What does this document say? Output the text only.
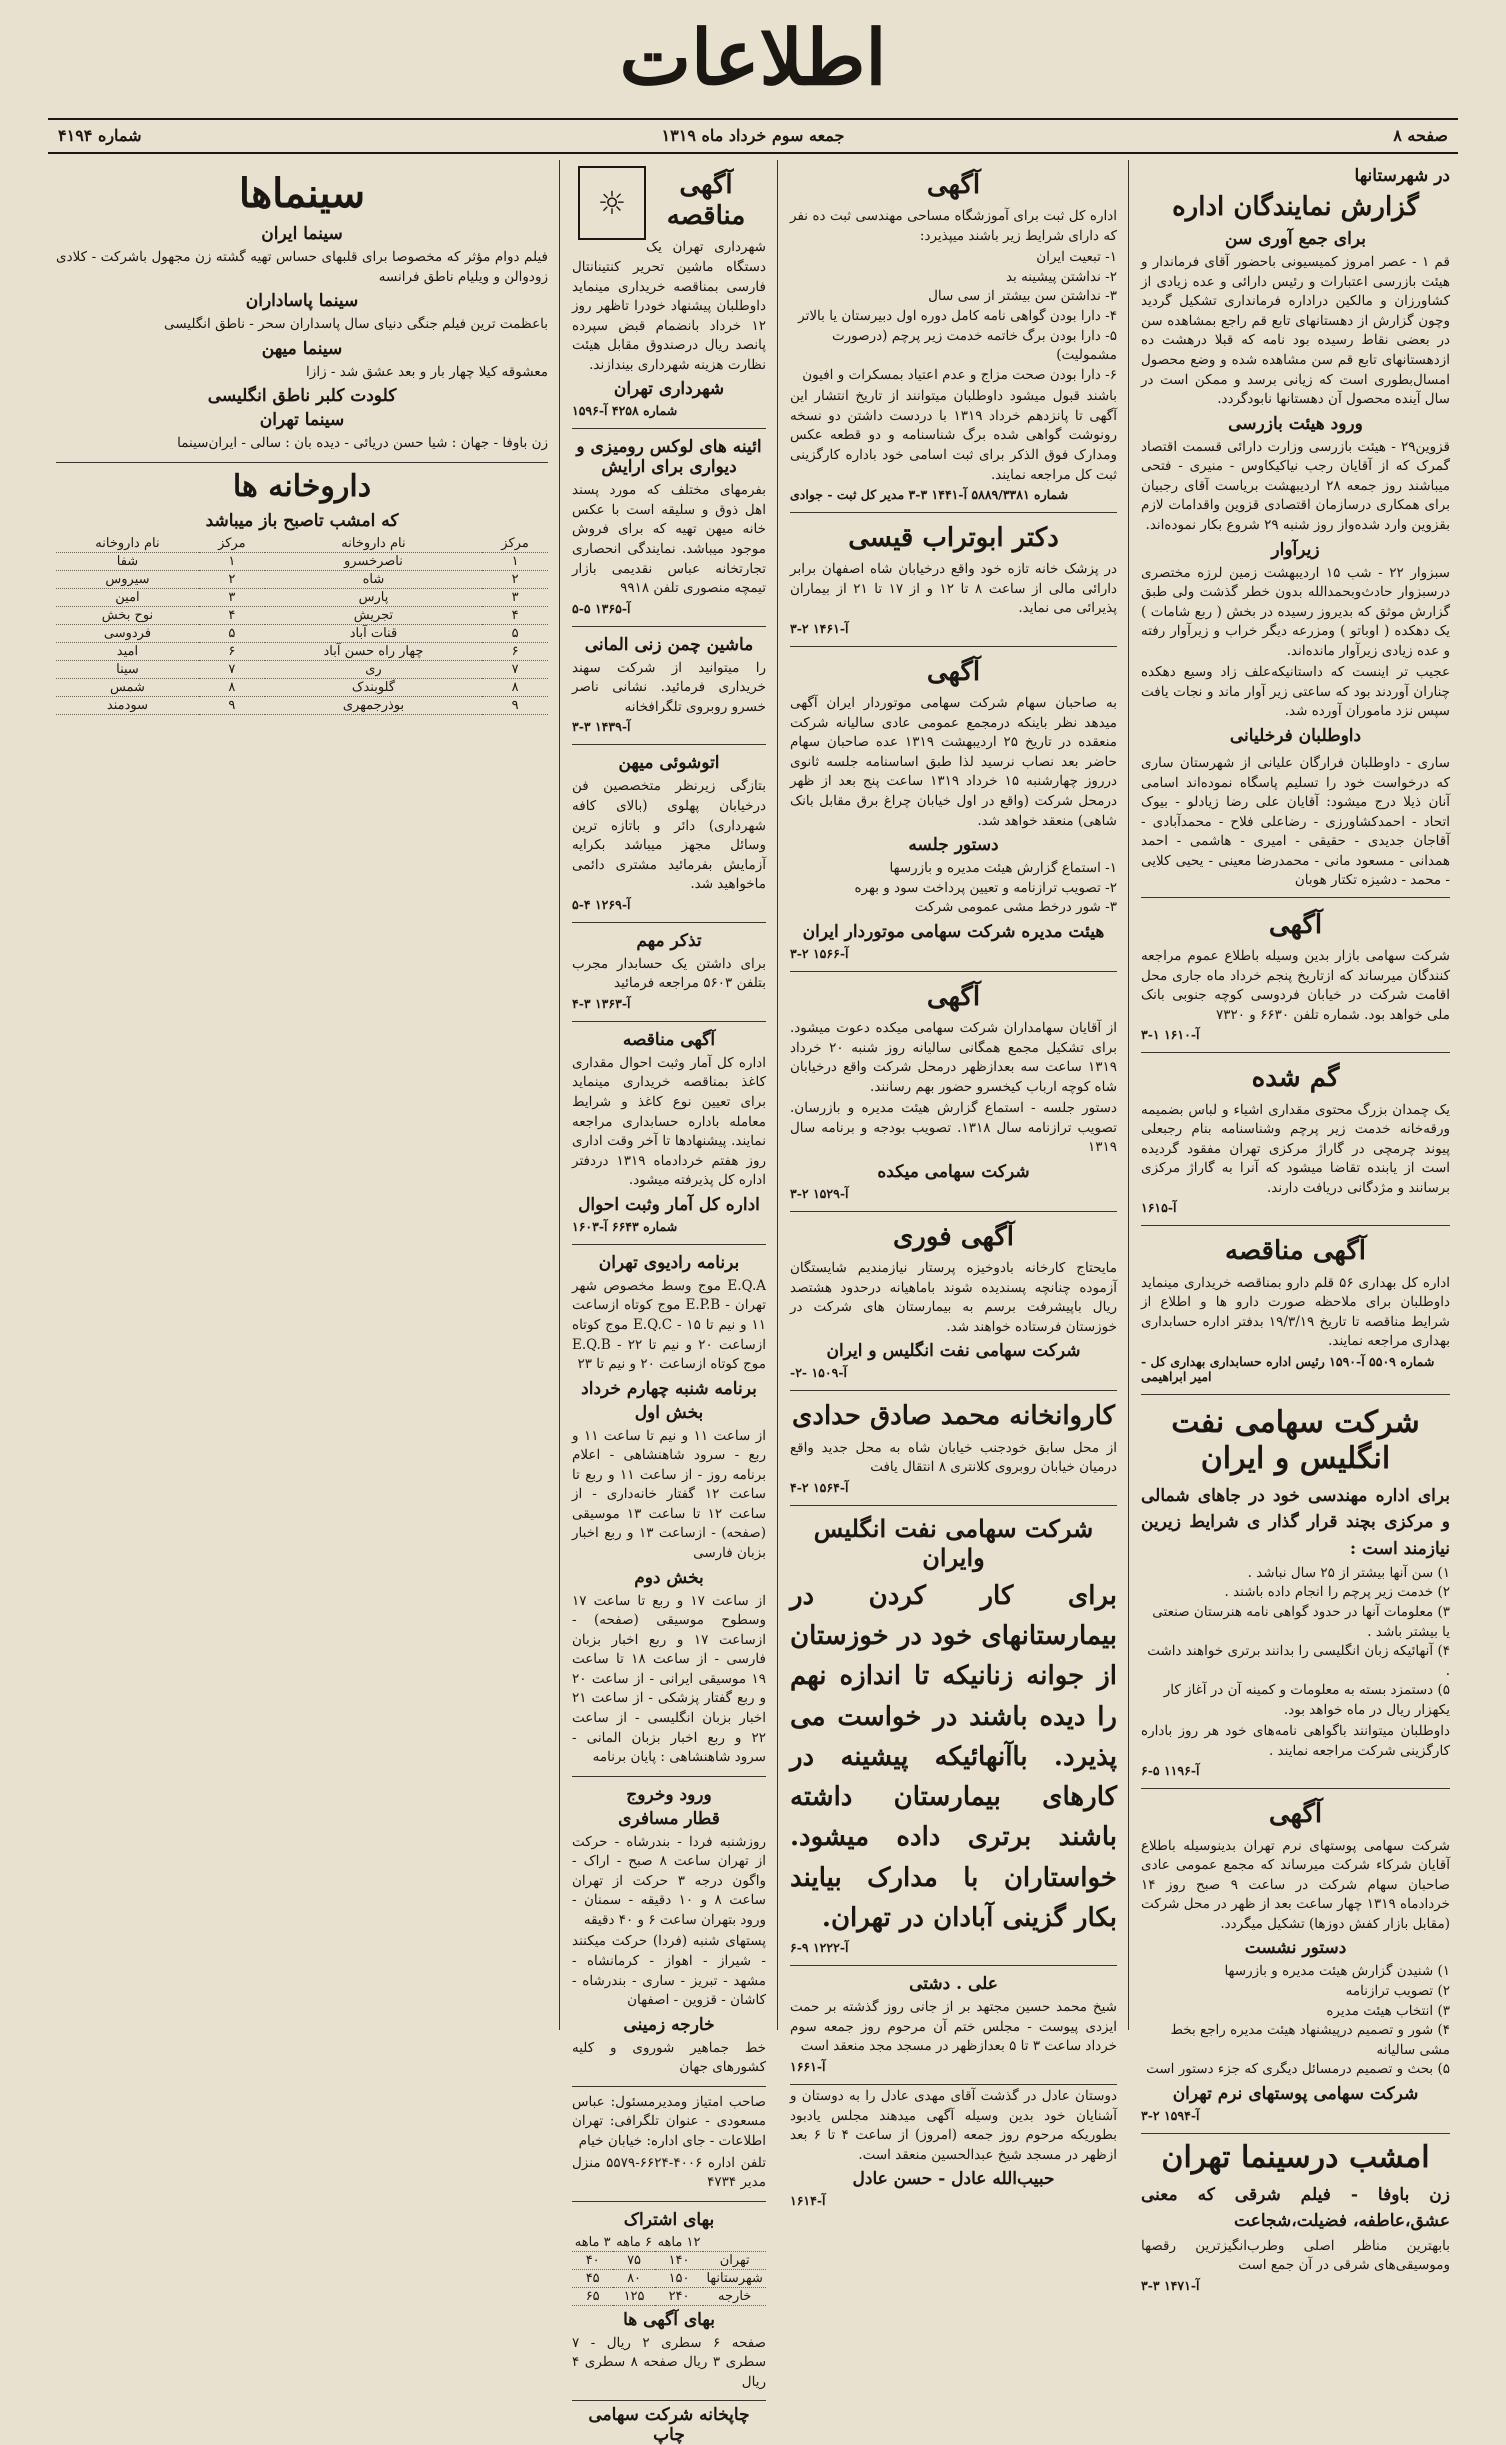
اطلاعات
صفحه ۸
جمعه سوم خرداد ماه ۱۳۱۹
شماره ۴۱۹۴
در شهرستانها
گزارش نمایندگان اداره
برای جمع آوری سن
قم ۱ - عصر امروز کمیسیونی باحضور آقای فرماندار و هیئت بازرسی اعتبارات و رئیس دارائی و عده زیادی از کشاورزان و مالکین دراداره فرمانداری تشکیل گردید وچون گزارش از دهستانهای تابع قم راجع بمشاهده سن در بعضی نقاط رسیده بود نامه که قبلا درهشت ده ازدهستانهای تابع قم سن مشاهده شده و وضع محصول امسال‌بطوری است که زیانی برسد و ممکن است در سال آینده محصول آن دهستانها نابودگردد.
ورود هیئت بازرسی
قزوین۲۹ - هیئت بازرسی وزارت دارائی قسمت اقتصاد گمرک که از آقایان رجب نیاکیکاوس - منیری - فتحی میباشند روز جمعه ۲۸ اردیبهشت بریاست آقای رجبیان برای همکاری درسازمان اقتصادی قزوین واقدامات لازم بقزوین وارد شده‌واز روز شنبه ۲۹ شروع بکار نموده‌اند.
زیرآوار
سبزوار ۲۲ - شب ۱۵ اردیبهشت زمین لرزه مختصری درسبزوار حادث‌وبحمدالله بدون خطر گذشت ولی طبق گزارش موثق که بدیروز رسیده در بخش ( ربع شامات ) یک دهکده ( اوباتو ) ومزرعه دیگر خراب و زیرآوار رفته و عده زیادی زیرآوار مانده‌اند.
عجیب تر اینست که داستانیکه‌علف زاد وسیع دهکده چناران آوردند بود که ساعتی زیر آوار ماند و نجات یافت سپس نزد ماموران آورده شد.
داوطلبان فرخلیانی
ساری - داوطلبان فرارگان علیانی از شهرستان ساری که درخواست خود را تسلیم پاسگاه نموده‌اند اسامی آنان ذیلا درج میشود: آقایان علی رضا زیادلو - بیوک اتحاد - احمدکشاورزی - رضاعلی فلاح - محمدآبادی - آقاجان جدیدی - حقیقی - امیری - هاشمی - احمد همدانی - مسعود مانی - محمدرضا معینی - یحیی کلایی - محمد - دشیزه تکتار هوبان
آگهی
شرکت سهامی بازار بدین وسیله باطلاع عموم مراجعه کنندگان میرساند که ازتاریخ پنجم خرداد ماه جاری محل اقامت شرکت در خیابان فردوسی کوچه جنوبی بانک ملی خواهد بود. شماره تلفن ۶۶۳۰ و ۷۳۲۰
۳-۱ آ-۱۶۱۰
گم شده
یک چمدان بزرگ محتوی مقداری اشیاء و لباس بضمیمه ورقه‌خانه خدمت زیر پرچم وشناسنامه بنام رجبعلی پیوند چرمچی در گاراژ مرکزی تهران مفقود گردیده است از یابنده تقاضا میشود که آنرا به گاراژ مرکزی برسانند و مژدگانی دریافت دارند.
آ-۱۶۱۵
آگهی مناقصه
اداره کل بهداری ۵۶ قلم دارو بمناقصه خریداری مینماید داوطلبان برای ملاحظه صورت دارو ها و اطلاع از شرایط مناقصه تا تاریخ ۱۹/۳/۱۹ بدفتر اداره حسابداری بهداری مراجعه نمایند.
شماره ۵۵۰۹ آ-۱۵۹۰ رئیس اداره حسابداری بهداری کل - امیر ابراهیمی
شرکت سهامی نفت انگلیس و ایران
برای اداره مهندسی خود در جاهای شمالی و مرکزی بچند قرار گذار ی شرایط زیرین نیازمند است :
۱) سن آنها بیشتر از ۲۵ سال نباشد .
۲) خدمت زیر پرچم را انجام داده باشند .
۳) معلومات آنها در حدود گواهی نامه هنرستان صنعتی یا بیشتر باشد .
۴) آنهائیکه زبان انگلیسی را بدانند برتری خواهند داشت .
۵) دستمزد بسته به معلومات و کمینه آن در آغاز کار یکهزار ریال در ماه خواهد بود.
داوطلبان میتوانند باگواهی نامه‌های خود هر روز باداره کارگزینی شرکت مراجعه نمایند .
۶-۵ آ-۱۱۹۶
آگهی
شرکت سهامی پوستهای نرم تهران بدینوسیله باطلاع آقایان شرکاء شرکت میرساند که مجمع عمومی عادی صاحبان سهام شرکت در ساعت ۹ صبح روز ۱۴ خردادماه ۱۳۱۹ چهار ساعت بعد از ظهر در محل شرکت (مقابل بازار کفش دوزها) تشکیل میگردد.
دستور نشست
۱) شنیدن گزارش هیئت مدیره و بازرسها
۲) تصویب ترازنامه
۳) انتخاب هیئت مدیره
۴) شور و تصمیم درپیشنهاد هیئت مدیره راجع بخط مشی سالیانه
۵) بحث و تصمیم درمسائل دیگری که جزء دستور است
شرکت سهامی پوستهای نرم تهران
۳-۲ آ-۱۵۹۴
امشب درسینما تهران
زن باوفا - فیلم شرقی که معنی عشق،عاطفه، فضیلت،شجاعت
بابهترین مناظر اصلی وطرب‌انگیزترین رقصها وموسیقی‌های شرقی در آن جمع است
۳-۳ آ-۱۴۷۱
آگهی
اداره کل ثبت برای آموزشگاه مساحی مهندسی ثبت ده نفر که دارای شرایط زیر باشند میپذیرد:
۱- تبعیت ایران
۲- نداشتن پیشینه بد
۳- نداشتن سن بیشتر از سی سال
۴- دارا بودن گواهی نامه کامل دوره اول دبیرستان یا بالاتر
۵- دارا بودن برگ خاتمه خدمت زیر پرچم (درصورت مشمولیت)
۶- دارا بودن صحت مزاج و عدم اعتیاد بمسکرات و افیون
باشند قبول میشود داوطلبان میتوانند از تاریخ انتشار این آگهی تا پانزدهم خرداد ۱۳۱۹ با دردست داشتن دو نسخه رونوشت گواهی شده برگ شناسنامه و دو قطعه عکس ومدارک فوق الذکر برای ثبت اسامی خود باداره کارگزینی ثبت کل مراجعه نمایند.
شماره ۵۸۸۹/۳۳۸۱ آ-۱۴۴۱ ۳-۳ مدیر کل ثبت - جوادی
دکتر ابوتراب قیسی
در پزشک خانه تازه خود واقع درخیابان شاه اصفهان برابر دارائی مالی از ساعت ۸ تا ۱۲ و از ۱۷ تا ۲۱ از بیماران پذیرائی می نماید.
۳-۲ آ-۱۴۶۱
آگهی
به صاحبان سهام شرکت سهامی موتوردار ایران آگهی میدهد نظر باینکه درمجمع عمومی عادی سالیانه شرکت منعقده در تاریخ ۲۵ اردیبهشت ۱۳۱۹ عده صاحبان سهام حاضر بعد نصاب نرسید لذا طبق اساسنامه جلسه ثانوی درروز چهارشنبه ۱۵ خرداد ۱۳۱۹ ساعت پنج بعد از ظهر درمحل شرکت (واقع در اول خیابان چراغ برق مقابل بانک شاهی) منعقد خواهد شد.
دستور جلسه
۱- استماع گزارش هیئت مدیره و بازرسها
۲- تصویب ترازنامه و تعیین پرداخت سود و بهره
۳- شور درخط مشی عمومی شرکت
هیئت مدیره شرکت سهامی موتوردار ایران
۳-۲ آ-۱۵۶۶
آگهی
از آقایان سهامداران شرکت سهامی میکده دعوت میشود. برای تشکیل مجمع همگانی سالیانه روز شنبه ۲۰ خرداد ۱۳۱۹ ساعت سه بعدازظهر درمحل شرکت واقع درخیابان شاه کوچه ارباب کیخسرو حضور بهم رسانند.
دستور جلسه - استماع گزارش هیئت مدیره و بازرسان. تصویب ترازنامه سال ۱۳۱۸. تصویب بودجه و برنامه سال ۱۳۱۹
شرکت سهامی میکده
۳-۲ آ-۱۵۲۹
آگهی فوری
مایحتاج کارخانه بادوخیزه پرستار نیازمندیم شایستگان آزموده چنانچه پسندیده شوند باماهیانه درحدود هشتصد ریال باپیشرفت برسم به بیمارستان های شرکت در خوزستان فرستاده خواهند شد.
شرکت سهامی نفت انگلیس و ایران
-۲- آ-۱۵۰۹
کاروانخانه محمد صادق حدادی
از محل سابق خودجنب خیابان شاه به محل جدید واقع درمیان خیابان روبروی کلانتری ۸ انتقال یافت
۴-۲ آ-۱۵۶۴
شرکت سهامی نفت انگلیس وایران
برای کار کردن در بیمارستانهای خود در خوزستان از جوانه زنانیکه تا اندازه نهم را دیده باشند در خواست می پذیرد. باآنهائیکه پیشینه در کارهای بیمارستان داشته باشند برتری داده میشود. خواستاران با مدارک بیایند بکار گزینی آبادان در تهران.
۶-۹ آ-۱۲۲۲
علی . دشتی
شیخ محمد حسین مجتهد بر از جانی روز گذشته بر حمت ایزدی پیوست - مجلس ختم آن مرحوم روز جمعه سوم خرداد ساعت ۳ تا ۵ بعدازظهر در مسجد مجد منعقد است
آ-۱۶۶۱
دوستان عادل در گذشت آقای مهدی عادل را به دوستان و آشنایان خود بدین وسیله آگهی میدهند مجلس یادبود بطوریکه مرحوم روز جمعه (امروز) از ساعت ۴ تا ۶ بعد ازظهر در مسجد شیخ عبدالحسین منعقد است.
حبیب‌الله عادل - حسن عادل
آ-۱۶۱۴
☼	آگهی مناقصه
شهرداری تهران یک دستگاه ماشین تحریر کنتینانتال فارسی بمناقصه خریداری مینماید داوطلبان پیشنهاد خودرا تاظهر روز ۱۲ خرداد بانضمام قبض سپرده پانصد ریال درصندوق مقابل هیئت نظارت هزینه شهرداری بیندازند.
شهرداری تهران
شماره ۴۲۵۸ آ-۱۵۹۶
ائینه های لوکس رومیزی و دیواری برای ارایش
بفرمهای مختلف که مورد پسند اهل ذوق و سلیقه است با عکس خانه میهن تهیه که برای فروش موجود میباشد. نمایندگی انحصاری تجارتخانه عباس نقدیمی بازار تیمچه منصوری تلفن ۹۹۱۸
۵-۵ آ-۱۳۶۵
ماشین چمن زنی المانی
را میتوانید از شرکت سهند خریداری فرمائید. نشانی ناصر خسرو روبروی تلگرافخانه
۳-۳ آ-۱۴۳۹
اتوشوئی میهن
بتازگی زیرنظر متخصصین فن درخیابان پهلوی (بالای کافه شهرداری) دائر و باتازه ترین وسائل مجهز میباشد بکرایه آزمایش بفرمائید مشتری دائمی ماخواهید شد.
۵-۴ آ-۱۲۶۹
تذکر مهم
برای داشتن یک حسابدار مجرب بتلفن ۵۶۰۳ مراجعه فرمائید
۴-۳ آ-۱۳۶۳
آگهی مناقصه
اداره کل آمار وثبت احوال مقداری کاغذ بمناقصه خریداری مینماید برای تعیین نوع کاغذ و شرایط معامله باداره حسابداری مراجعه نمایند. پیشنهادها تا آخر وقت اداری روز هفتم خردادماه ۱۳۱۹ دردفتر اداره کل پذیرفته میشود.
اداره کل آمار وثبت احوال
شماره ۶۶۴۳ آ-۱۶۰۳
برنامه رادیوی تهران
E.Q.A موج وسط مخصوص شهر تهران - E.P.B موج کوتاه ازساعت ۱۱ و نیم تا ۱۵ - E.Q.C موج کوتاه ازساعت ۲۰ و نیم تا ۲۲ - E.Q.B موج کوتاه ازساعت ۲۰ و نیم تا ۲۳
برنامه شنبه چهارم خرداد
بخش اول
از ساعت ۱۱ و نیم تا ساعت ۱۱ و ربع - سرود شاهنشاهی - اعلام برنامه روز - از ساعت ۱۱ و ربع تا ساعت ۱۲ گفتار خانه‌داری - از ساعت ۱۲ تا ساعت ۱۳ موسیقی (صفحه) - ازساعت ۱۳ و ربع اخبار بزبان فارسی
بخش دوم
از ساعت ۱۷ و ربع تا ساعت ۱۷ وسطوح موسیقی (صفحه) - ازساعت ۱۷ و ربع اخبار بزبان فارسی - از ساعت ۱۸ تا ساعت ۱۹ موسیقی ایرانی - از ساعت ۲۰ و ربع گفتار پزشکی - از ساعت ۲۱ اخبار بزبان انگلیسی - از ساعت ۲۲ و ربع اخبار بزبان المانی - سرود شاهنشاهی : پایان برنامه
ورود وخروج
قطار مسافری
روزشنبه فردا - بندرشاه - حرکت از تهران ساعت ۸ صبح - اراک - واگون درجه ۳ حرکت از تهران ساعت ۸ و ۱۰ دقیقه - سمنان - ورود بتهران ساعت ۶ و ۴۰ دقیقه
پستهای شنبه (فردا) حرکت میکنند - شیراز - اهواز - کرمانشاه - مشهد - تبریز - ساری - بندرشاه - کاشان - قزوین - اصفهان
خارجه زمینی
خط جماهیر شوروی و کلیه کشورهای جهان
صاحب امتیاز ومدیرمسئول: عباس مسعودی - عنوان تلگرافی: تهران اطلاعات - جای اداره: خیابان خیام
تلفن اداره ۴۰۰۶-۶۶۲۴-۵۵۷۹ منزل مدیر ۴۷۳۴
بهای اشتراک
	۱۲ ماهه	۶ ماهه	۳ ماهه
تهران	۱۴۰	۷۵	۴۰
شهرستانها	۱۵۰	۸۰	۴۵
خارجه	۲۴۰	۱۲۵	۶۵
بهای آگهی ها
صفحه ۶ سطری ۲ ریال - ۷ سطری ۳ ریال صفحه ۸ سطری ۴ ریال
چاپخانه شرکت سهامی چاپ
سینماها
سینما ایران
فیلم دوام مؤثر که مخصوصا برای قلبهای حساس تهیه گشته زن مجهول باشرکت - کلادی زودوالن و ویلیام ناطق فرانسه
سینما پاساداران
باعظمت ترین فیلم جنگی دنیای سال پاسداران سحر - ناطق انگلیسی
سینما میهن
معشوقه کیلا چهار بار و بعد عشق شد - زازا
کلودت کلبر ناطق انگلیسی
سینما تهران
زن باوفا - جهان : شیا حسن دریائی - دیده بان : سالی - ایران‌سینما
داروخانه ها
که امشب تاصبح باز میباشد
مرکز	نام داروخانه	مرکز	نام داروخانه
۱	ناصرخسرو	۱	شفا
۲	شاه	۲	سیروس
۳	پارس	۳	امین
۴	تجریش	۴	نوح بخش
۵	قنات آباد	۵	فردوسی
۶	چهار راه حسن آباد	۶	امید
۷	ری	۷	سینا
۸	گلوبندک	۸	شمس
۹	بوذرجمهری	۹	سودمند
